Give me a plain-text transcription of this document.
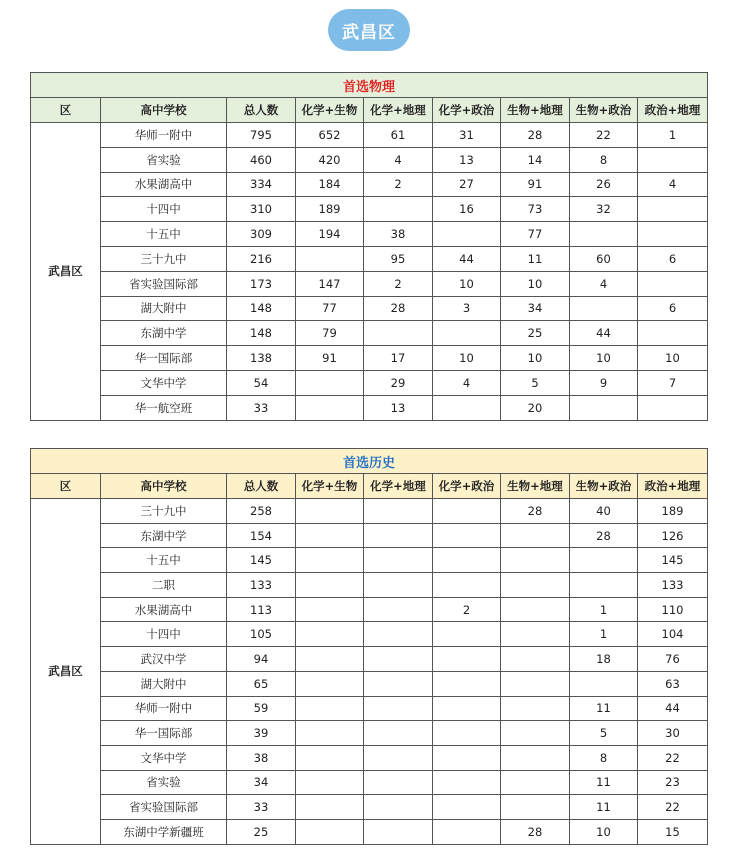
武昌区
首选物理								
区	高中学校	总人数	化学+生物	化学+地理	化学+政治	生物+地理	生物+政治	政治+地理
武昌区	华师一附中	795	652	61	31	28	22	1
	省实验	460	420	4	13	14	8	
	水果湖高中	334	184	2	27	91	26	4
	十四中	310	189		16	73	32	
	十五中	309	194	38		77		
	三十九中	216		95	44	11	60	6
	省实验国际部	173	147	2	10	10	4	
	湖大附中	148	77	28	3	34		6
	东湖中学	148	79			25	44	
	华一国际部	138	91	17	10	10	10	10
	文华中学	54		29	4	5	9	7
	华一航空班	33		13		20		
首选历史								
区	高中学校	总人数	化学+生物	化学+地理	化学+政治	生物+地理	生物+政治	政治+地理
武昌区	三十九中	258				28	40	189
	东湖中学	154					28	126
	十五中	145						145
	二职	133						133
	水果湖高中	113			2		1	110
	十四中	105					1	104
	武汉中学	94					18	76
	湖大附中	65						63
	华师一附中	59					11	44
	华一国际部	39					5	30
	文华中学	38					8	22
	省实验	34					11	23
	省实验国际部	33					11	22
	东湖中学新疆班	25				28	10	15
